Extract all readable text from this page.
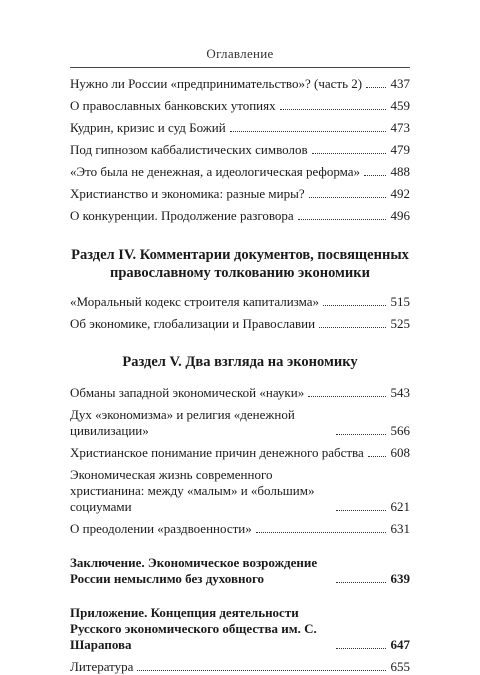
Оглавление
Нужно ли России «предпринимательство»? (часть 2) 437
О православных банковских утопиях	459
Кудрин, кризис и суд Божий	473
Под гипнозом каббалистических символов	479
«Это была не денежная, а идеологическая реформа» 488
Христианство и экономика: разные миры?	492
О конкуренции. Продолжение разговора	496
Раздел IV. Комментарии документов, посвященных
православному толкованию экономики
«Моральный кодекс строителя капитализма»	515
Об экономике, глобализации и Православии	525
Раздел V. Два взгляда на экономику
Обманы западной экономической «науки»	543
Дух «экономизма» и религия «денежной цивилизации»	566
Христианское понимание причин денежного рабства 608
Экономическая жизнь современного христианина: между «малым» и «большим» социумами	621
О преодолении «раздвоенности»	631
Заключение. Экономическое возрождение России немыслимо без духовного	639
Приложение. Концепция деятельности Русского экономического общества им. С. Шарапова	647
Литература	655
